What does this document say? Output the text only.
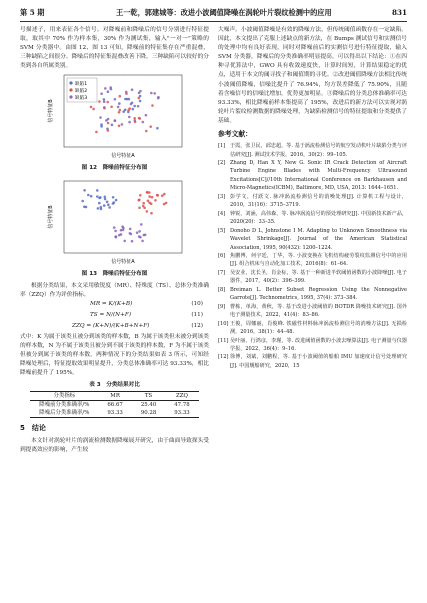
第 5 期	王一乾，郭建城等：改进小波阈值降噪在涡轮叶片裂纹检测中的应用	831

号描述子，用来表征各个信号。对降噪前和降噪后的信号分别进行特征提取，取其中 70% 作为样本集，30% 作为测试集，输入"一对一"策略的 SVM 分类器中。由图 12、图 13 可知，降噪前的特征集存在严重混叠，三种缺陷之间很分。降噪后的特征集混叠改善下降，三种缺陷可以较好的分类到各自所属类别。

缺陷1
缺陷2
缺陷3
信号特征A
信号特征B
图 12　降噪前特征分布图
信号特征A
信号特征B
图 13　降噪后特征分布图

根据分类结果，本文采用敏锐度（MR）、特殊度（TS）、总体分类准确率（ZZQ）作为评价指标。

MR = K/(K+B)	(10)
TS = N/(N+F)	(11)
ZZQ = (K+N)/(K+B+N+F)	(12)

式中：K 为属于该类且被分到该类的样本数，B 为属于该类但未被分到该类的样本数，N 为不属于该类且被分到不属于该类的样本数，F 为不属于该类但被分到属于该类的样本数。两种情况下的分类结果如表 3 所示，可知经降噪处理后，特征提取效果明显提升，分类总体准确率可达 93.33%，相比降噪前提升了 195%。

表 3　分类结果对比
分类指标	MR	TS	ZZQ
降噪前分类准确率/%	66.67	25.40	47.78
降噪后分类准确率/%	93.33	90.28	93.33
5　结论

本文针对涡轮叶片的涡流检测数据降噪展开研究，由于曲面导致探头受到提离效应的影响，产生较

大噪声。小波阈值降噪是有效的降噪方法，但传统阈值函数存在一定缺陷。因此，本文提出了克服上述缺点的新方法，在 Bumps 测试信号和实测信号的处理中均有良好表现。同时对降噪前后的实测信号进行特征提取，输入 SVM 分类器，降噪后的分类准确率明显提高。可以得出以下结论：①在四种寻优算法中，GWO 具有收敛速度快，计算时间短，计算结果稳定的优点，适用于本文的阈寻找子和阈值期的寻优。②改进阈值降噪方法相比传统小波阈值降噪，信噪比提升了 76.94%，均方误差降低了 75.90%，且随着含噪信号的信噪比增加，优势更加明显。③降噪后的分类总体准确率可达 93.33%，相比降噪前样本集提高了 195%，改进后的新方法可以实现对涡轮叶片裂纹检测数据的降噪处理，为缺陷检测信号的特征提取和分类提供了基础。

参考文献：
[1] 于霞，张卫民，邱忠超，等. 基于涡流检测信号的航空发动机叶片缺陷分类与评估研究[J]. 测试技术学报，2016，30(2)：99–105.
[2] Zhang D, Han X Y, New G. Sonic IR Crack Detection of Aircraft Turbine Engine Blades with Multi-Frequency Ultrasound Excitations[C]//10th International Conference on Barkhausen and Micro-Magnetics(ICBM), Baltimore, MD, USA, 2013: 1644–1651.
[3] 彭学文，付跃文. 脉冲涡流检测信号的消噪处理[J]. 计算机工程与设计，2010，31(16)：3715–3719.
[4] 钟锐，刘涵，高伟森，等. 脉冲涡流信号的预处理研究[J]. 中国新技术新产品，2020(20)：33–35.
[5] Donoho D L, Johnstone I M. Adapting to Unknown Smoothness via Wavelet Shrinkage[J]. Journal of the American Statistical Association, 1995, 90(432): 1200–1224.
[6] 焦鹏博，何宇廷，丁华，等. 小波变换在飞机结构疲劳裂纹监测信号中的应用[J]. 组合机床与自动化加工技术，2016(8)：61–64.
[7] 吴安业，沈长圣，肖金标，等. 基于一种新进半软阈值函数的小波降噪[J]. 电子器件，2017，40(2)：396–399.
[8] Breiman L. Better Subset Regression Using the Nonnegative Garrote[J]. Technometrics, 1995, 37(4): 373–384.
[9] 曹栋，单海，黄秋，等. 基于改进小波阈值的 BOTDR 降噪技术研究[J]. 国外电子测量技术，2022，41(4)：83–86.
[10] 王俊，周娜丽，肖俊峰. 铁磁性材料脉冲涡流检测信号的消噪方法[J]. 无损检测，2016，38(1)：44–48.
[11] 吴叶丽，行鸿彦，李瑾，等. 改进阈值函数的小波去噪算法[J]. 电子测量与仪器学报，2022，36(4)：9–16.
[12] 徐博，刘斌，刘鹏程，等. 基于小波阈值的船舶 IMU 加速度计信号处理研究[J]. 中国舰船研究，2020，15
